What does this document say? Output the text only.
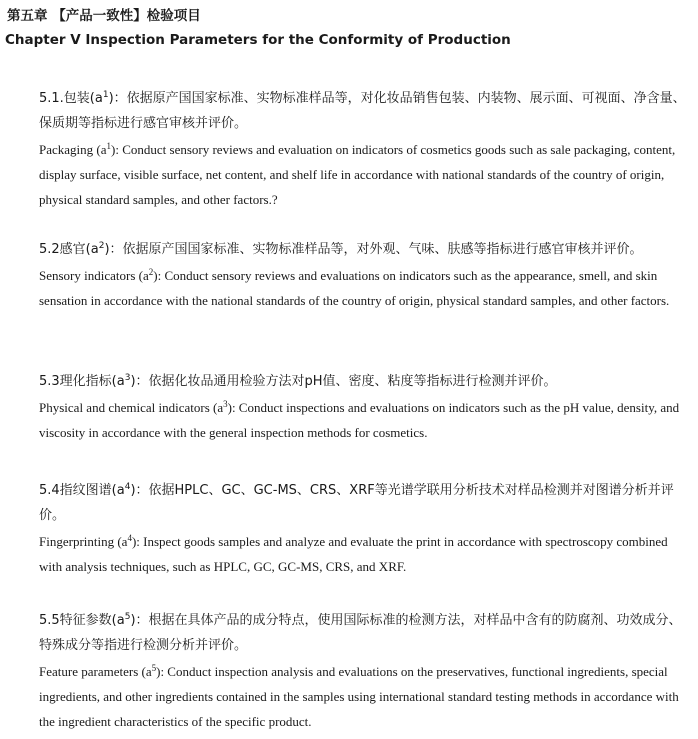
第五章 【产品一致性】检验项目
Chapter V Inspection Parameters for the Conformity of Production

5.1.包装$(a^1)$：依据原产国国家标准、实物标准样品等，对化妆品销售包装、内装物、展示面、可视面、净含量、保质期等指标进行感官审核并评价。

Packaging $(a^1)$: Conduct sensory reviews and evaluation on indicators of cosmetics goods such as sale packaging, content, display surface, visible surface, net content, and shelf life in accordance with national standards of the country of origin, physical standard samples, and other factors.?

5.2感官$(a^2)$：依据原产国国家标准、实物标准样品等，对外观、气味、肤感等指标进行感官审核并评价。

Sensory indicators $(a^2)$: Conduct sensory reviews and evaluations on indicators such as the appearance, smell, and skin sensation in accordance with the national standards of the country of origin, physical standard samples, and other factors.

5.3理化指标$(a^3)$：依据化妆品通用检验方法对pH值、密度、粘度等指标进行检测并评价。

Physical and chemical indicators $(a^3)$: Conduct inspections and evaluations on indicators such as the pH value, density, and viscosity in accordance with the general inspection methods for cosmetics.

5.4指纹图谱$(a^4)$：依据HPLC、GC、GC-MS、CRS、XRF等光谱学联用分析技术对样品检测并对图谱分析并评价。

Fingerprinting $(a^4)$: Inspect goods samples and analyze and evaluate the print in accordance with spectroscopy combined with analysis techniques, such as HPLC, GC, GC-MS, CRS, and XRF.

5.5特征参数$(a^5)$：根据在具体产品的成分特点，使用国际标准的检测方法，对样品中含有的防腐剂、功效成分、特殊成分等指进行检测分析并评价。

Feature parameters $(a^5)$: Conduct inspection analysis and evaluations on the preservatives, functional ingredients, special ingredients, and other ingredients contained in the samples using international standard testing methods in accordance with the ingredient characteristics of the specific product.
